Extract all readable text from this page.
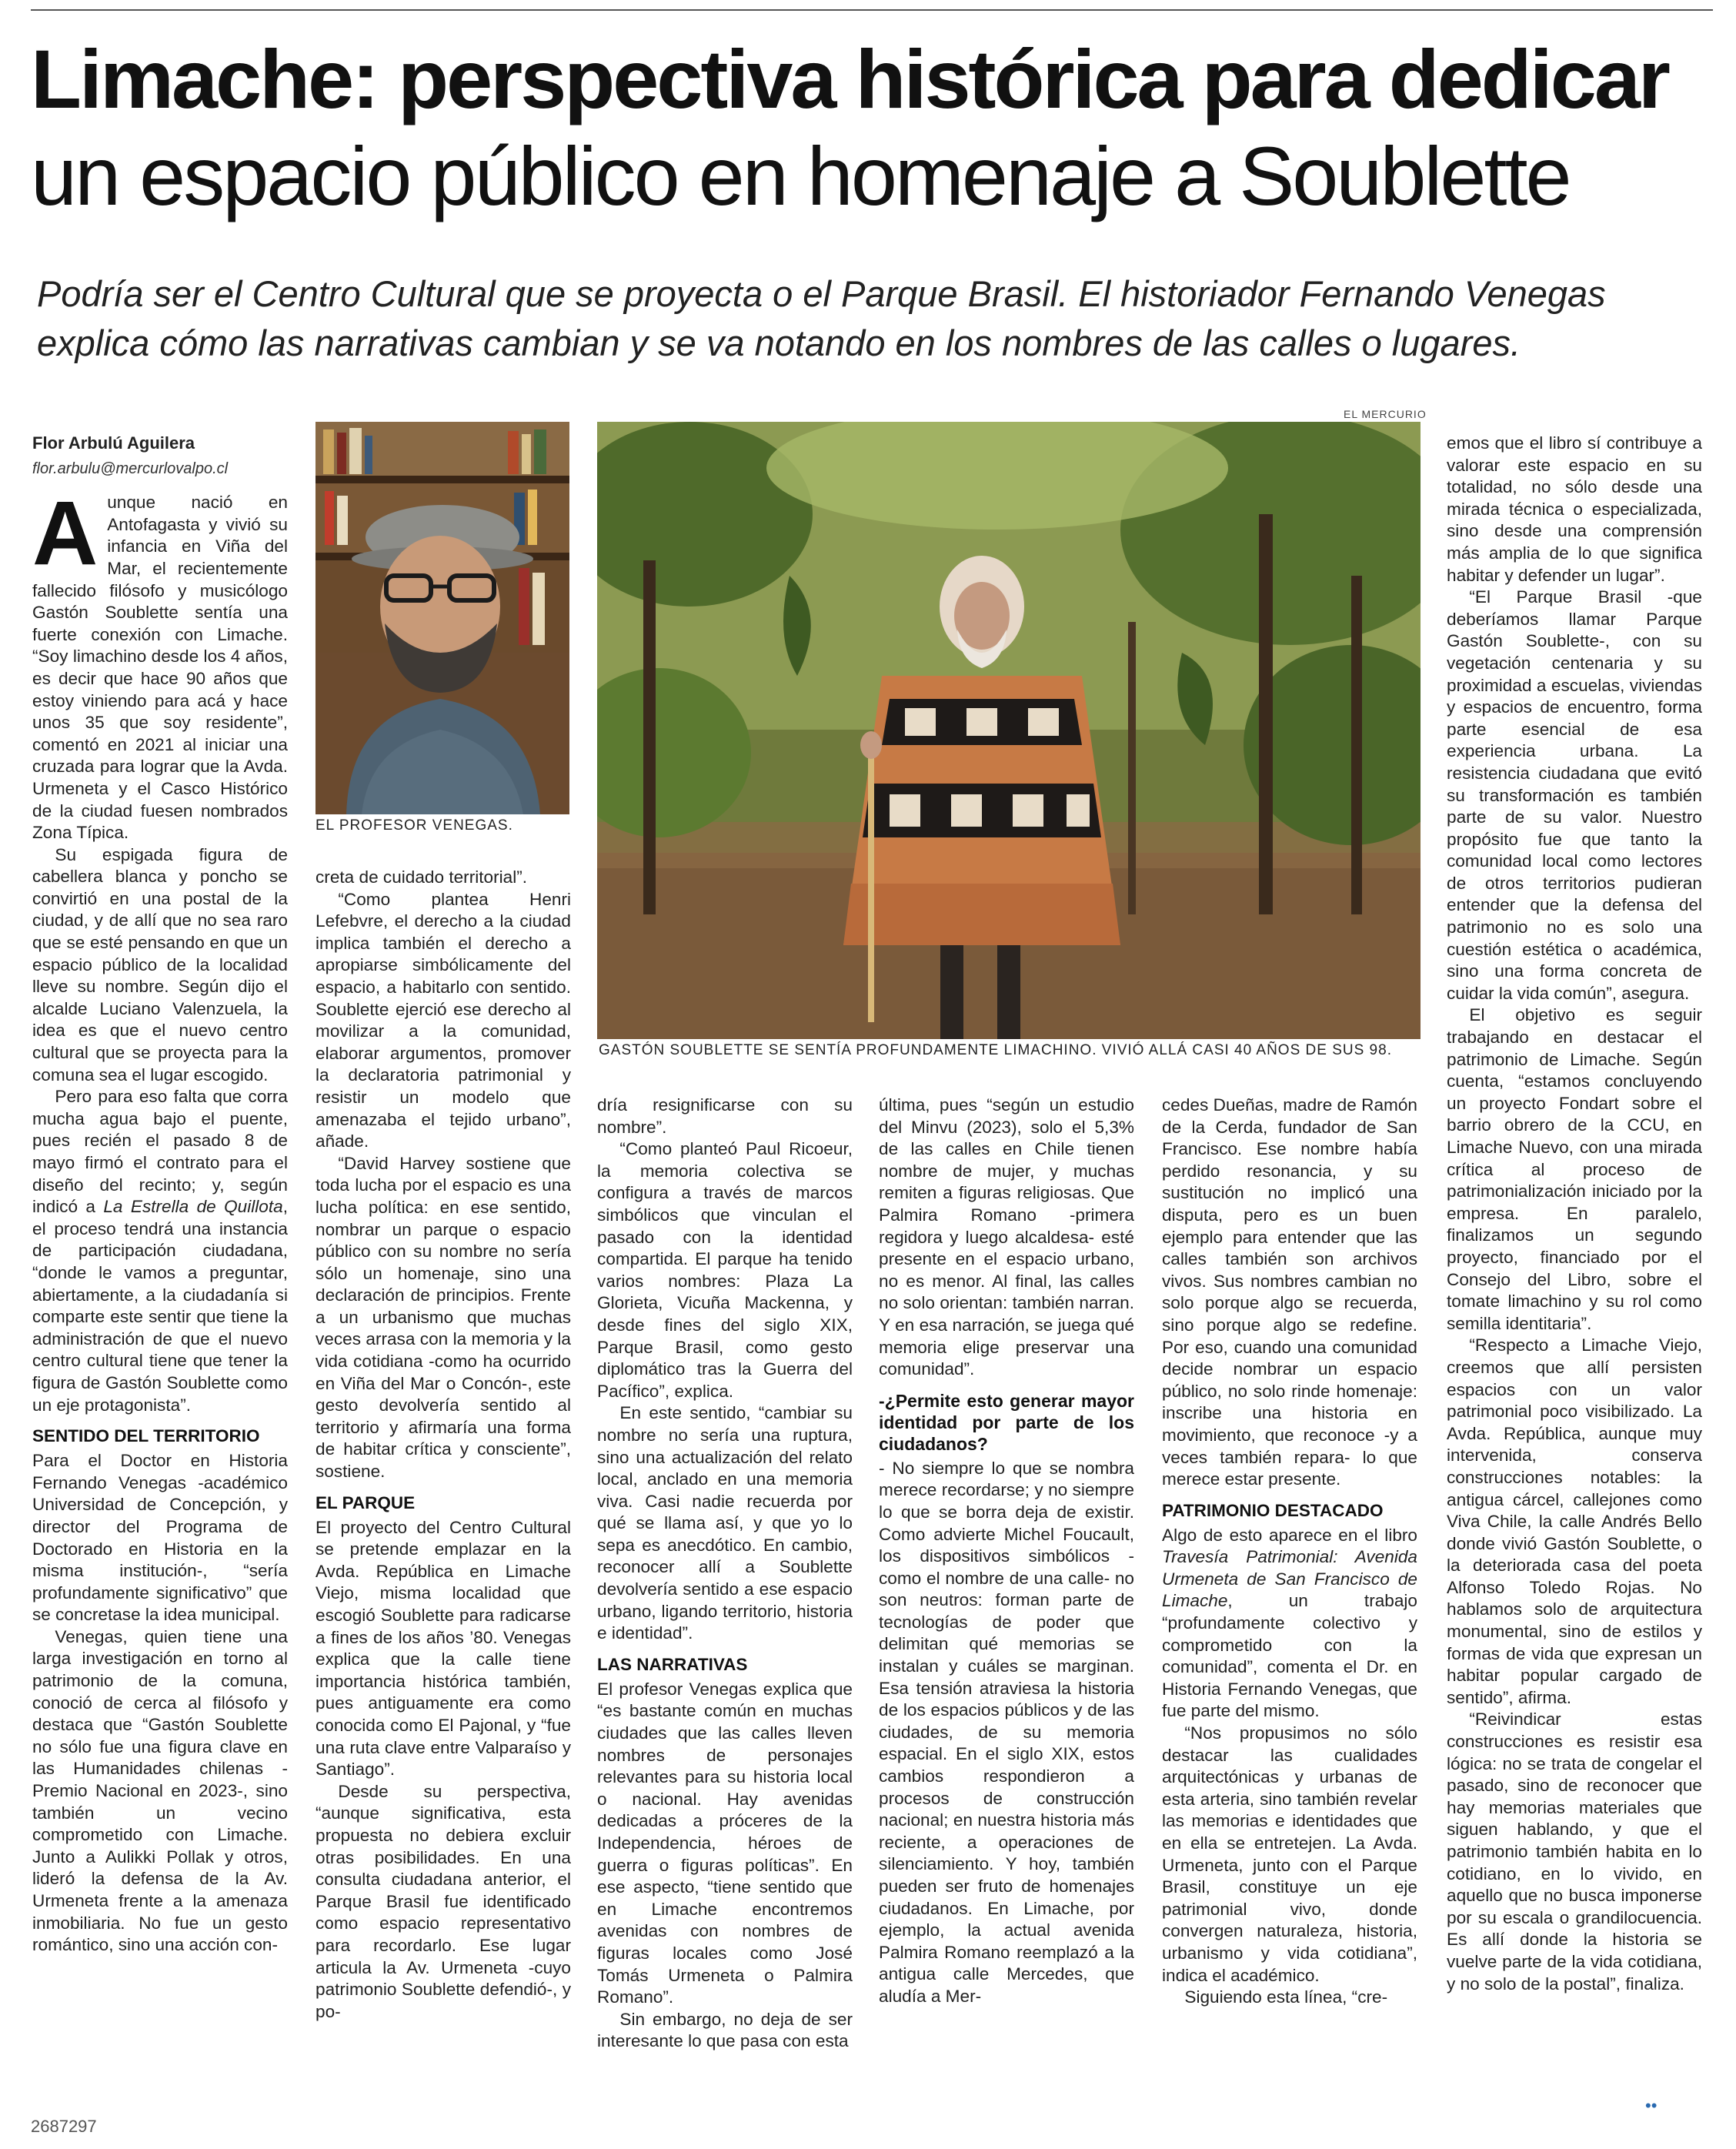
Limache: perspectiva histórica para dedicar
un espacio público en homenaje a Soublette

Podría ser el Centro Cultural que se proyecta o el Parque Brasil. El historiador Fernando Venegas explica cómo las narrativas cambian y se va notando en los nombres de las calles o lugares.

Flor Arbulú Aguilera
flor.arbulu@mercurlovalpo.cl

Aunque nació en Antofagasta y vivió su infancia en Viña del Mar, el recientemente fallecido filósofo y musicólogo Gastón Soublette sentía una fuerte conexión con Limache. “Soy limachino desde los 4 años, es decir que hace 90 años que estoy viniendo para acá y hace unos 35 que soy residente”, comentó en 2021 al iniciar una cruzada para lograr que la Avda. Urmeneta y el Casco Histórico de la ciudad fuesen nombrados Zona Típica.

Su espigada figura de cabellera blanca y poncho se convirtió en una postal de la ciudad, y de allí que no sea raro que se esté pensando en que un espacio público de la localidad lleve su nombre. Según dijo el alcalde Luciano Valenzuela, la idea es que el nuevo centro cultural que se proyecta para la comuna sea el lugar escogido.

Pero para eso falta que corra mucha agua bajo el puente, pues recién el pasado 8 de mayo firmó el contrato para el diseño del recinto; y, según indicó a La Estrella de Quillota, el proceso tendrá una instancia de participación ciudadana, “donde le vamos a preguntar, abiertamente, a la ciudadanía si comparte este sentir que tiene la administración de que el nuevo centro cultural tiene que tener la figura de Gastón Soublette como un eje protagonista”.

SENTIDO DEL TERRITORIO

Para el Doctor en Historia Fernando Venegas -académico Universidad de Concepción, y director del Programa de Doctorado en Historia en la misma institución-, “sería profundamente significativo” que se concretase la idea municipal.

Venegas, quien tiene una larga investigación en torno al patrimonio de la comuna, conoció de cerca al filósofo y destaca que “Gastón Soublette no sólo fue una figura clave en las Humanidades chilenas -Premio Nacional en 2023-, sino también un vecino comprometido con Limache. Junto a Aulikki Pollak y otros, lideró la defensa de la Av. Urmeneta frente a la amenaza inmobiliaria. No fue un gesto romántico, sino una acción con-

EL PROFESOR VENEGAS.

creta de cuidado territorial”.

“Como plantea Henri Lefebvre, el derecho a la ciudad implica también el derecho a apropiarse simbólicamente del espacio, a habitarlo con sentido. Soublette ejerció ese derecho al movilizar a la comunidad, elaborar argumentos, promover la declaratoria patrimonial y resistir un modelo que amenazaba el tejido urbano”, añade.

“David Harvey sostiene que toda lucha por el espacio es una lucha política: en ese sentido, nombrar un parque o espacio público con su nombre no sería sólo un homenaje, sino una declaración de principios. Frente a un urbanismo que muchas veces arrasa con la memoria y la vida cotidiana -como ha ocurrido en Viña del Mar o Concón-, este gesto devolvería sentido al territorio y afirmaría una forma de habitar crítica y consciente”, sostiene.

EL PARQUE

El proyecto del Centro Cultural se pretende emplazar en la Avda. República en Limache Viejo, misma localidad que escogió Soublette para radicarse a fines de los años ’80. Venegas explica que la calle tiene importancia histórica también, pues antiguamente era como conocida como El Pajonal, y “fue una ruta clave entre Valparaíso y Santiago”.

Desde su perspectiva, “aunque significativa, esta propuesta no debiera excluir otras posibilidades. En una consulta ciudadana anterior, el Parque Brasil fue identificado como espacio representativo para recordarlo. Ese lugar articula la Av. Urmeneta -cuyo patrimonio Soublette defendió-, y po-

EL MERCURIO
GASTÓN SOUBLETTE SE SENTÍA PROFUNDAMENTE LIMACHINO. VIVIÓ ALLÁ CASI 40 AÑOS DE SUS 98.

dría resignificarse con su nombre”.

“Como planteó Paul Ricoeur, la memoria colectiva se configura a través de marcos simbólicos que vinculan el pasado con la identidad compartida. El parque ha tenido varios nombres: Plaza La Glorieta, Vicuña Mackenna, y desde fines del siglo XIX, Parque Brasil, como gesto diplomático tras la Guerra del Pacífico”, explica.

En este sentido, “cambiar su nombre no sería una ruptura, sino una actualización del relato local, anclado en una memoria viva. Casi nadie recuerda por qué se llama así, y que yo lo sepa es anecdótico. En cambio, reconocer allí a Soublette devolvería sentido a ese espacio urbano, ligando territorio, historia e identidad”.

LAS NARRATIVAS

El profesor Venegas explica que “es bastante común en muchas ciudades que las calles lleven nombres de personajes relevantes para su historia local o nacional. Hay avenidas dedicadas a próceres de la Independencia, héroes de guerra o figuras políticas”. En ese aspecto, “tiene sentido que en Limache encontremos avenidas con nombres de figuras locales como José Tomás Urmeneta o Palmira Romano”.

Sin embargo, no deja de ser interesante lo que pasa con esta

última, pues “según un estudio del Minvu (2023), solo el 5,3% de las calles en Chile tienen nombre de mujer, y muchas remiten a figuras religiosas. Que Palmira Romano -primera regidora y luego alcaldesa- esté presente en el espacio urbano, no es menor. Al final, las calles no solo orientan: también narran. Y en esa narración, se juega qué memoria elige preservar una comunidad”.

-¿Permite esto generar mayor identidad por parte de los ciudadanos?

- No siempre lo que se nombra merece recordarse; y no siempre lo que se borra deja de existir. Como advierte Michel Foucault, los dispositivos simbólicos -como el nombre de una calle- no son neutros: forman parte de tecnologías de poder que delimitan qué memorias se instalan y cuáles se marginan. Esa tensión atraviesa la historia de los espacios públicos y de las ciudades, de su memoria espacial. En el siglo XIX, estos cambios respondieron a procesos de construcción nacional; en nuestra historia más reciente, a operaciones de silenciamiento. Y hoy, también pueden ser fruto de homenajes ciudadanos. En Limache, por ejemplo, la actual avenida Palmira Romano reemplazó a la antigua calle Mercedes, que aludía a Mer-

cedes Dueñas, madre de Ramón de la Cerda, fundador de San Francisco. Ese nombre había perdido resonancia, y su sustitución no implicó una disputa, pero es un buen ejemplo para entender que las calles también son archivos vivos. Sus nombres cambian no solo porque algo se recuerda, sino porque algo se redefine. Por eso, cuando una comunidad decide nombrar un espacio público, no solo rinde homenaje: inscribe una historia en movimiento, que reconoce -y a veces también repara- lo que merece estar presente.

PATRIMONIO DESTACADO

Algo de esto aparece en el libro Travesía Patrimonial: Avenida Urmeneta de San Francisco de Limache, un trabajo “profundamente colectivo y comprometido con la comunidad”, comenta el Dr. en Historia Fernando Venegas, que fue parte del mismo.

“Nos propusimos no sólo destacar las cualidades arquitectónicas y urbanas de esta arteria, sino también revelar las memorias e identidades que en ella se entretejen. La Avda. Urmeneta, junto con el Parque Brasil, constituye un eje patrimonial vivo, donde convergen naturaleza, historia, urbanismo y vida cotidiana”, indica el académico.

Siguiendo esta línea, “cre-

emos que el libro sí contribuye a valorar este espacio en su totalidad, no sólo desde una mirada técnica o especializada, sino desde una comprensión más amplia de lo que significa habitar y defender un lugar”.

“El Parque Brasil -que deberíamos llamar Parque Gastón Soublette-, con su vegetación centenaria y su proximidad a escuelas, viviendas y espacios de encuentro, forma parte esencial de esa experiencia urbana. La resistencia ciudadana que evitó su transformación es también parte de su valor. Nuestro propósito fue que tanto la comunidad local como lectores de otros territorios pudieran entender que la defensa del patrimonio no es solo una cuestión estética o académica, sino una forma concreta de cuidar la vida común”, asegura.

El objetivo es seguir trabajando en destacar el patrimonio de Limache. Según cuenta, “estamos concluyendo un proyecto Fondart sobre el barrio obrero de la CCU, en Limache Nuevo, con una mirada crítica al proceso de patrimonialización iniciado por la empresa. En paralelo, finalizamos un segundo proyecto, financiado por el Consejo del Libro, sobre el tomate limachino y su rol como semilla identitaria”.

“Respecto a Limache Viejo, creemos que allí persisten espacios con un valor patrimonial poco visibilizado. La Avda. República, aunque muy intervenida, conserva construcciones notables: la antigua cárcel, callejones como Viva Chile, la calle Andrés Bello donde vivió Gastón Soublette, o la deteriorada casa del poeta Alfonso Toledo Rojas. No hablamos solo de arquitectura monumental, sino de estilos y formas de vida que expresan un habitar popular cargado de sentido”, afirma.

“Reivindicar estas construcciones es resistir esa lógica: no se trata de congelar el pasado, sino de reconocer que hay memorias materiales que siguen hablando, y que el patrimonio también habita en lo cotidiano, en lo vivido, en aquello que no busca imponerse por su escala o grandilocuencia. Es allí donde la historia se vuelve parte de la vida cotidiana, y no solo de la postal”, finaliza.

••
2687297
